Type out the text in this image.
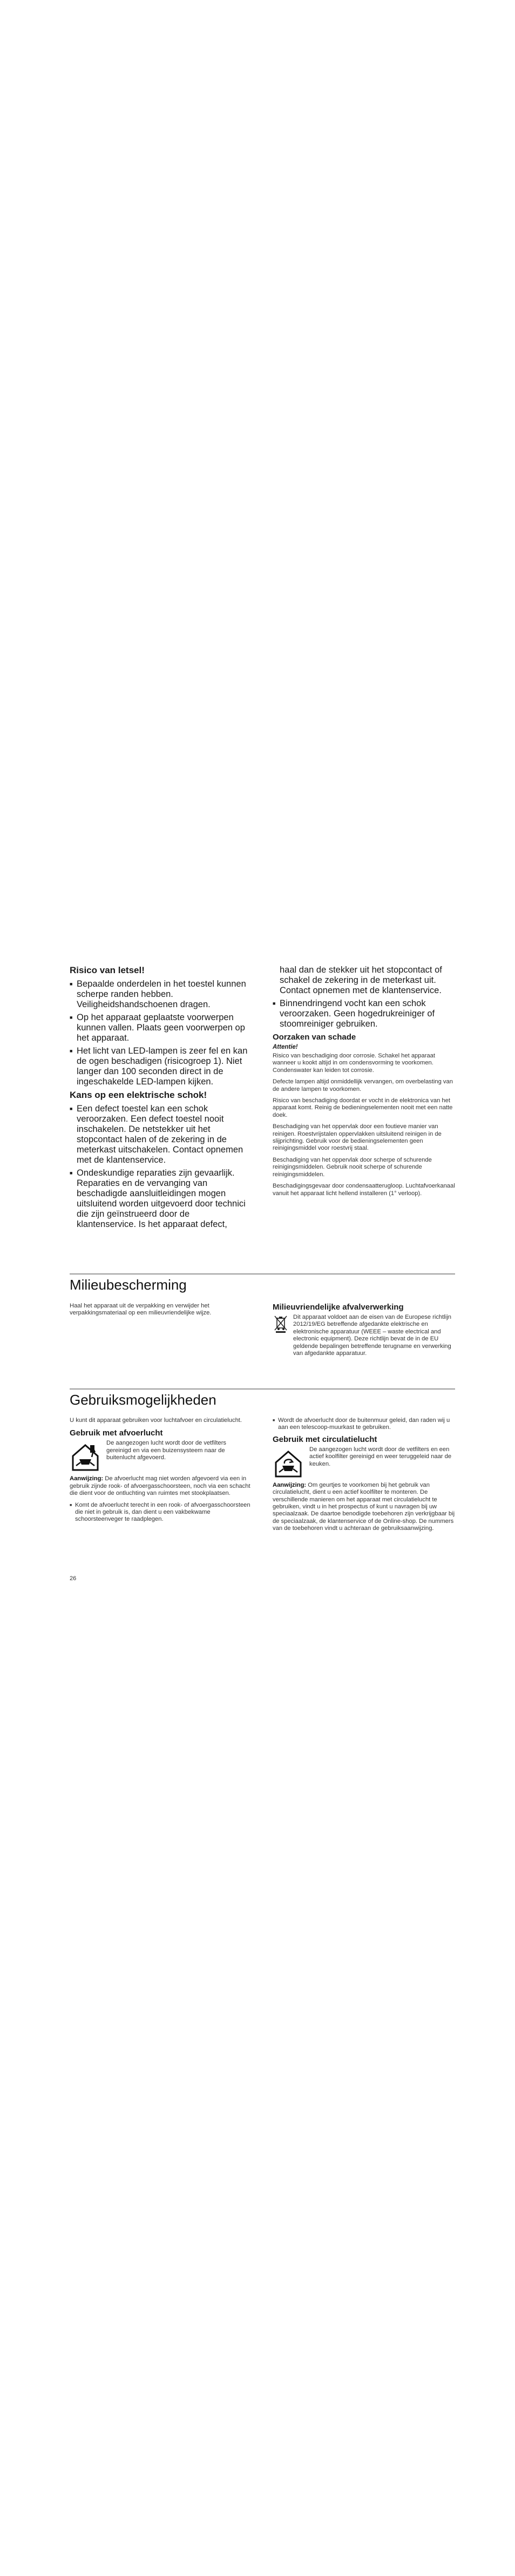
Risico van letsel!
■ Bepaalde onderdelen in het toestel kunnen scherpe randen hebben. Veiligheidshandschoenen dragen.
■ Op het apparaat geplaatste voorwerpen kunnen vallen. Plaats geen voorwerpen op het apparaat.
■ Het licht van LED-lampen is zeer fel en kan de ogen beschadigen (risicogroep 1). Niet langer dan 100 seconden direct in de ingeschakelde LED-lampen kijken.
Kans op een elektrische schok!
■ Een defect toestel kan een schok veroorzaken. Een defect toestel nooit inschakelen. De netstekker uit het stopcontact halen of de zekering in de meterkast uitschakelen. Contact opnemen met de klantenservice.
■ Ondeskundige reparaties zijn gevaarlijk. Reparaties en de vervanging van beschadigde aansluitleidingen mogen uitsluitend worden uitgevoerd door technici die zijn geïnstrueerd door de klantenservice. Is het apparaat defect,

haal dan de stekker uit het stopcontact of schakel de zekering in de meterkast uit. Contact opnemen met de klantenservice.

■ Binnendringend vocht kan een schok veroorzaken. Geen hogedrukreiniger of stoomreiniger gebruiken.
Oorzaken van schade
Attentie!

Risico van beschadiging door corrosie. Schakel het apparaat wanneer u kookt altijd in om condensvorming te voorkomen. Condenswater kan leiden tot corrosie.

Defecte lampen altijd onmiddellijk vervangen, om overbelasting van de andere lampen te voorkomen.

Risico van beschadiging doordat er vocht in de elektronica van het apparaat komt. Reinig de bedieningselementen nooit met een natte doek.

Beschadiging van het oppervlak door een foutieve manier van reinigen. Roestvrijstalen oppervlakken uitsluitend reinigen in de slijprichting. Gebruik voor de bedieningselementen geen reinigingsmiddel voor roestvrij staal.

Beschadiging van het oppervlak door scherpe of schurende reinigingsmiddelen. Gebruik nooit scherpe of schurende reinigingsmiddelen.

Beschadigingsgevaar door condensaatterugloop. Luchtafvoerkanaal vanuit het apparaat licht hellend installeren (1° verloop).

Milieubescherming

Haal het apparaat uit de verpakking en verwijder het verpakkingsmateriaal op een milieuvriendelijke wijze.

Milieuvriendelijke afvalverwerking

Dit apparaat voldoet aan de eisen van de Europese richtlijn 2012/19/EG betreffende afgedankte elektrische en elektronische apparatuur (WEEE – waste electrical and electronic equipment). Deze richtlijn bevat de in de EU geldende bepalingen betreffende terugname en verwerking van afgedankte apparatuur.

Gebruiksmogelijkheden

U kunt dit apparaat gebruiken voor luchtafvoer en circulatielucht.

Gebruik met afvoerlucht

De aangezogen lucht wordt door de vetfilters gereinigd en via een buizensysteem naar de buitenlucht afgevoerd.

Aanwijzing: De afvoerlucht mag niet worden afgevoerd via een in gebruik zijnde rook- of afvoergasschoorsteen, noch via een schacht die dient voor de ontluchting van ruimtes met stookplaatsen.

■ Komt de afvoerlucht terecht in een rook- of afvoergasschoorsteen die niet in gebruik is, dan dient u een vakbekwame schoorsteenveger te raadplegen.
■ Wordt de afvoerlucht door de buitenmuur geleid, dan raden wij u aan een telescoop-muurkast te gebruiken.
Gebruik met circulatielucht

De aangezogen lucht wordt door de vetfilters en een actief koolfilter gereinigd en weer teruggeleid naar de keuken.

Aanwijzing: Om geurtjes te voorkomen bij het gebruik van circulatielucht, dient u een actief koolfilter te monteren. De verschillende manieren om het apparaat met circulatielucht te gebruiken, vindt u in het prospectus of kunt u navragen bij uw speciaalzaak. De daartoe benodigde toebehoren zijn verkrijgbaar bij de speciaalzaak, de klantenservice of de Online-shop. De nummers van de toebehoren vindt u achteraan de gebruiksaanwijzing.

26
